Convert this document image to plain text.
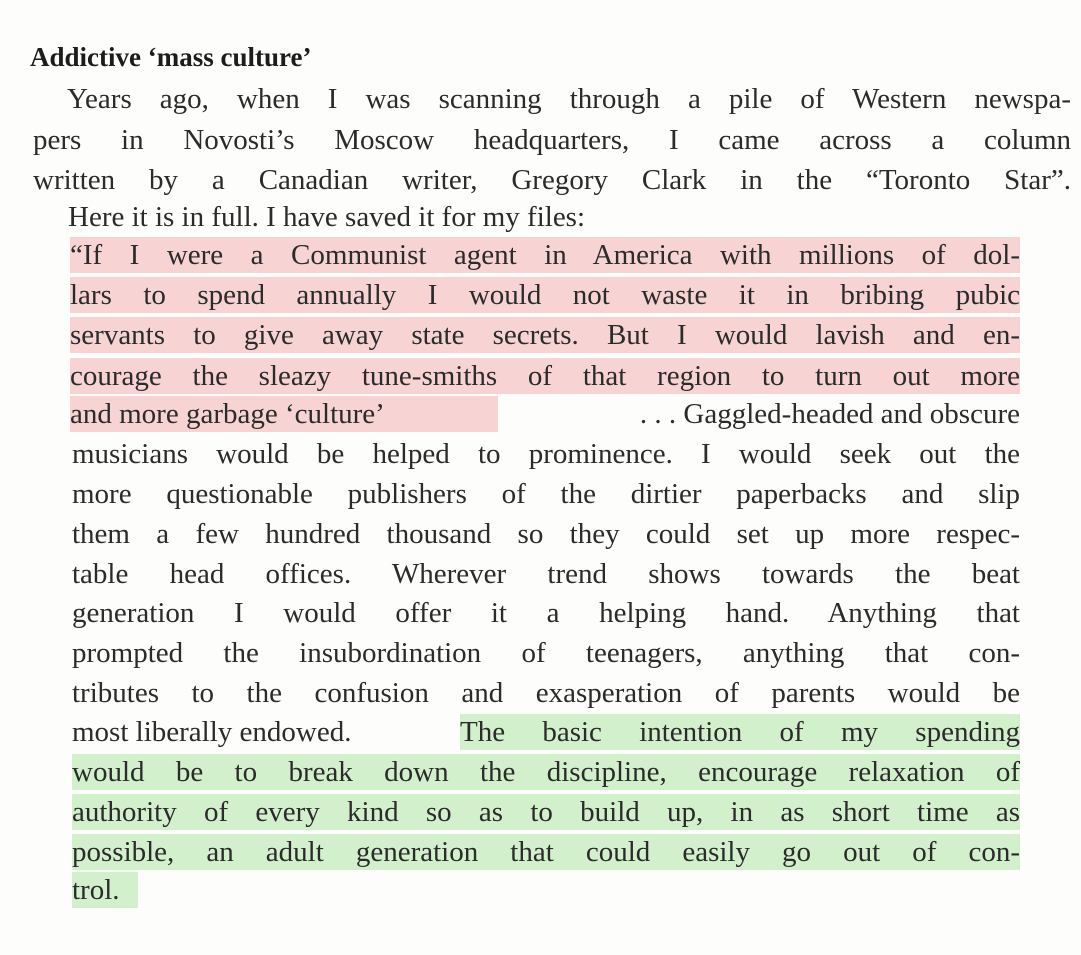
Addictive ‘mass culture’
Years ago, when I was scanning through a pile of Western newspa-
pers in Novosti’s Moscow headquarters, I came across a column
written by a Canadian writer, Gregory Clark in the “Toronto Star”.
Here it is in full. I have saved it for my files:
“If I were a Communist agent in America with millions of dol-
lars to spend annually I would not waste it in bribing pubic
servants to give away state secrets. But I would lavish and en-
courage the sleazy tune-smiths of that region to turn out more
and more garbage ‘culture’	. . . Gaggled-headed and obscure
musicians would be helped to prominence. I would seek out the
more questionable publishers of the dirtier paperbacks and slip
them a few hundred thousand so they could set up more respec-
table head offices. Wherever trend shows towards the beat
generation I would offer it a helping hand. Anything that
prompted the insubordination of teenagers, anything that con-
tributes to the confusion and exasperation of parents would be
most liberally endowed.	The basic intention of my spending
would be to break down the discipline, encourage relaxation of
authority of every kind so as to build up, in as short time as
possible, an adult generation that could easily go out of con-
trol.
